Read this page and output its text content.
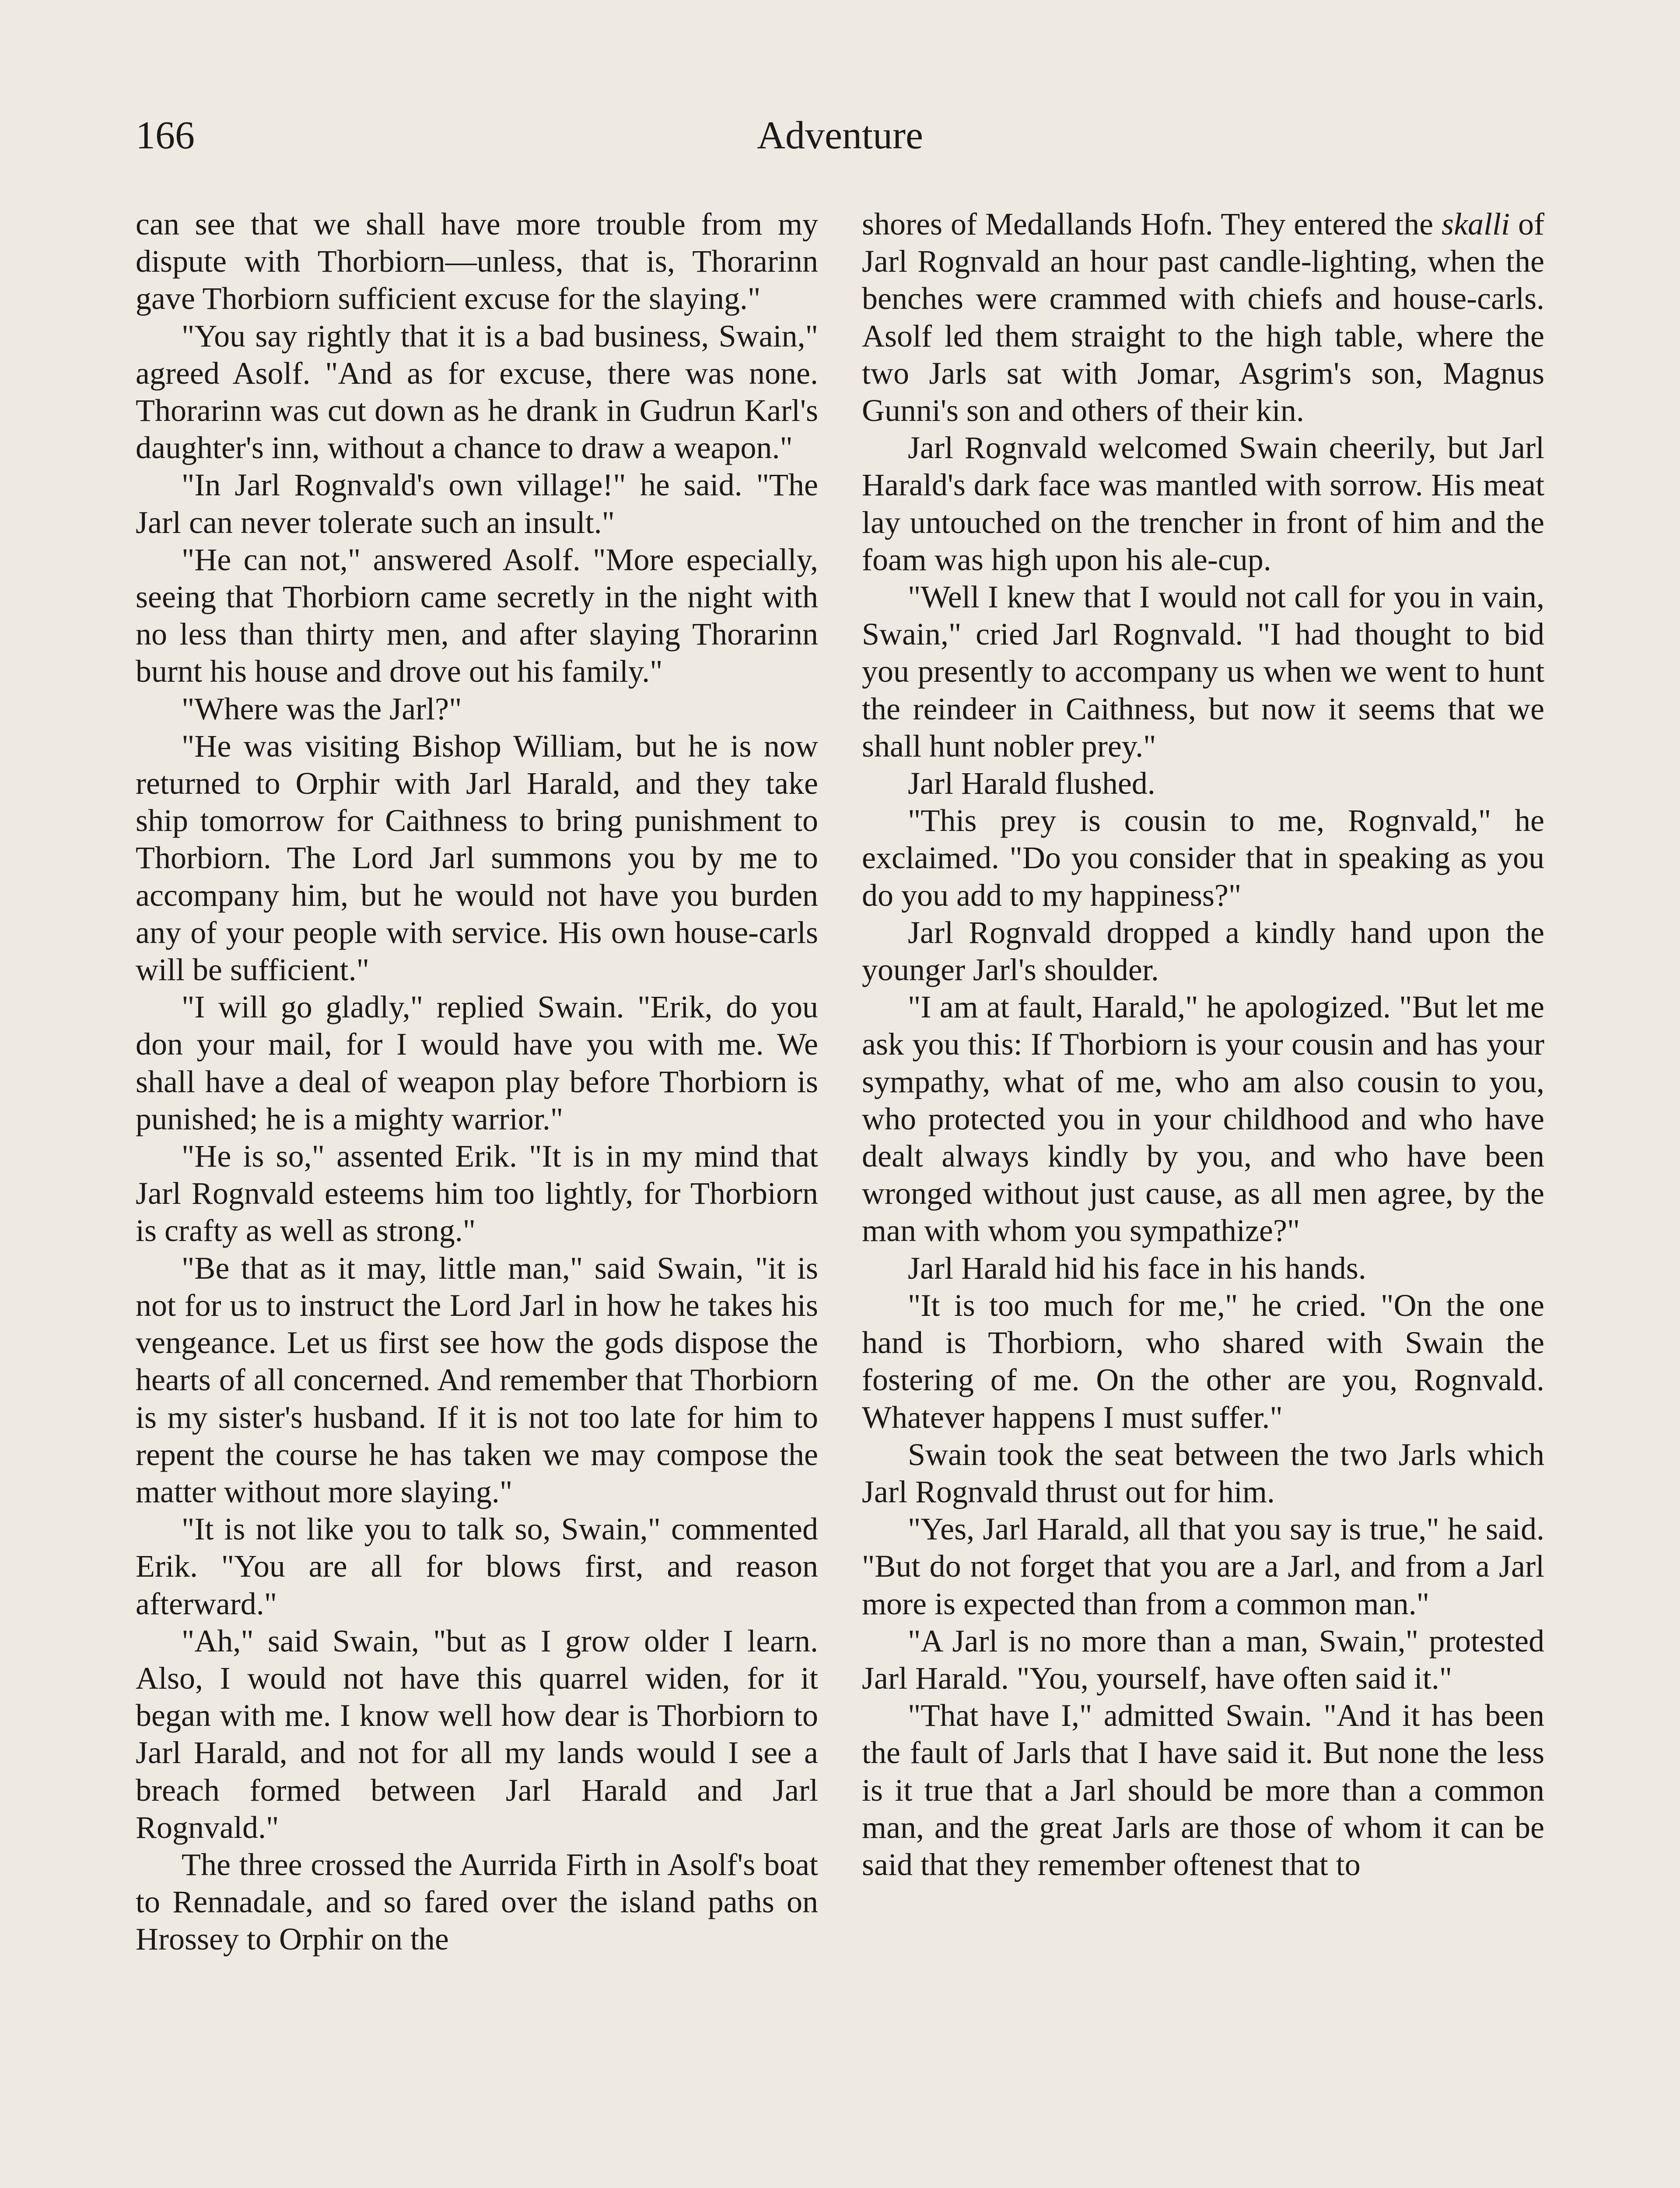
166	Adventure

can see that we shall have more trouble from my dispute with Thorbiorn—unless, that is, Thorarinn gave Thorbiorn sufficient excuse for the slaying."

"You say rightly that it is a bad business, Swain," agreed Asolf. "And as for excuse, there was none. Thorarinn was cut down as he drank in Gudrun Karl's daughter's inn, without a chance to draw a weapon."

"In Jarl Rognvald's own village!" he said. "The Jarl can never tolerate such an insult."

"He can not," answered Asolf. "More especially, seeing that Thorbiorn came secretly in the night with no less than thirty men, and after slaying Thorarinn burnt his house and drove out his family."

"Where was the Jarl?"

"He was visiting Bishop William, but he is now returned to Orphir with Jarl Harald, and they take ship tomorrow for Caithness to bring punishment to Thorbiorn. The Lord Jarl summons you by me to accompany him, but he would not have you burden any of your people with service. His own house-carls will be sufficient."

"I will go gladly," replied Swain. "Erik, do you don your mail, for I would have you with me. We shall have a deal of weapon play before Thorbiorn is punished; he is a mighty warrior."

"He is so," assented Erik. "It is in my mind that Jarl Rognvald esteems him too lightly, for Thorbiorn is crafty as well as strong."

"Be that as it may, little man," said Swain, "it is not for us to instruct the Lord Jarl in how he takes his vengeance. Let us first see how the gods dispose the hearts of all concerned. And remember that Thorbiorn is my sister's husband. If it is not too late for him to repent the course he has taken we may compose the matter without more slaying."

"It is not like you to talk so, Swain," commented Erik. "You are all for blows first, and reason afterward."

"Ah," said Swain, "but as I grow older I learn. Also, I would not have this quarrel widen, for it began with me. I know well how dear is Thorbiorn to Jarl Harald, and not for all my lands would I see a breach formed between Jarl Harald and Jarl Rognvald."

The three crossed the Aurrida Firth in Asolf's boat to Rennadale, and so fared over the island paths on Hrossey to Orphir on the

shores of Medallands Hofn. They entered the skalli of Jarl Rognvald an hour past candle-lighting, when the benches were crammed with chiefs and house-carls. Asolf led them straight to the high table, where the two Jarls sat with Jomar, Asgrim's son, Magnus Gunni's son and others of their kin.

Jarl Rognvald welcomed Swain cheerily, but Jarl Harald's dark face was mantled with sorrow. His meat lay untouched on the trencher in front of him and the foam was high upon his ale-cup.

"Well I knew that I would not call for you in vain, Swain," cried Jarl Rognvald. "I had thought to bid you presently to accompany us when we went to hunt the reindeer in Caithness, but now it seems that we shall hunt nobler prey."

Jarl Harald flushed.

"This prey is cousin to me, Rognvald," he exclaimed. "Do you consider that in speaking as you do you add to my happiness?"

Jarl Rognvald dropped a kindly hand upon the younger Jarl's shoulder.

"I am at fault, Harald," he apologized. "But let me ask you this: If Thorbiorn is your cousin and has your sympathy, what of me, who am also cousin to you, who protected you in your childhood and who have dealt always kindly by you, and who have been wronged without just cause, as all men agree, by the man with whom you sympathize?"

Jarl Harald hid his face in his hands.

"It is too much for me," he cried. "On the one hand is Thorbiorn, who shared with Swain the fostering of me. On the other are you, Rognvald. Whatever happens I must suffer."

Swain took the seat between the two Jarls which Jarl Rognvald thrust out for him.

"Yes, Jarl Harald, all that you say is true," he said. "But do not forget that you are a Jarl, and from a Jarl more is expected than from a common man."

"A Jarl is no more than a man, Swain," protested Jarl Harald. "You, yourself, have often said it."

"That have I," admitted Swain. "And it has been the fault of Jarls that I have said it. But none the less is it true that a Jarl should be more than a common man, and the great Jarls are those of whom it can be said that they remember oftenest that to
